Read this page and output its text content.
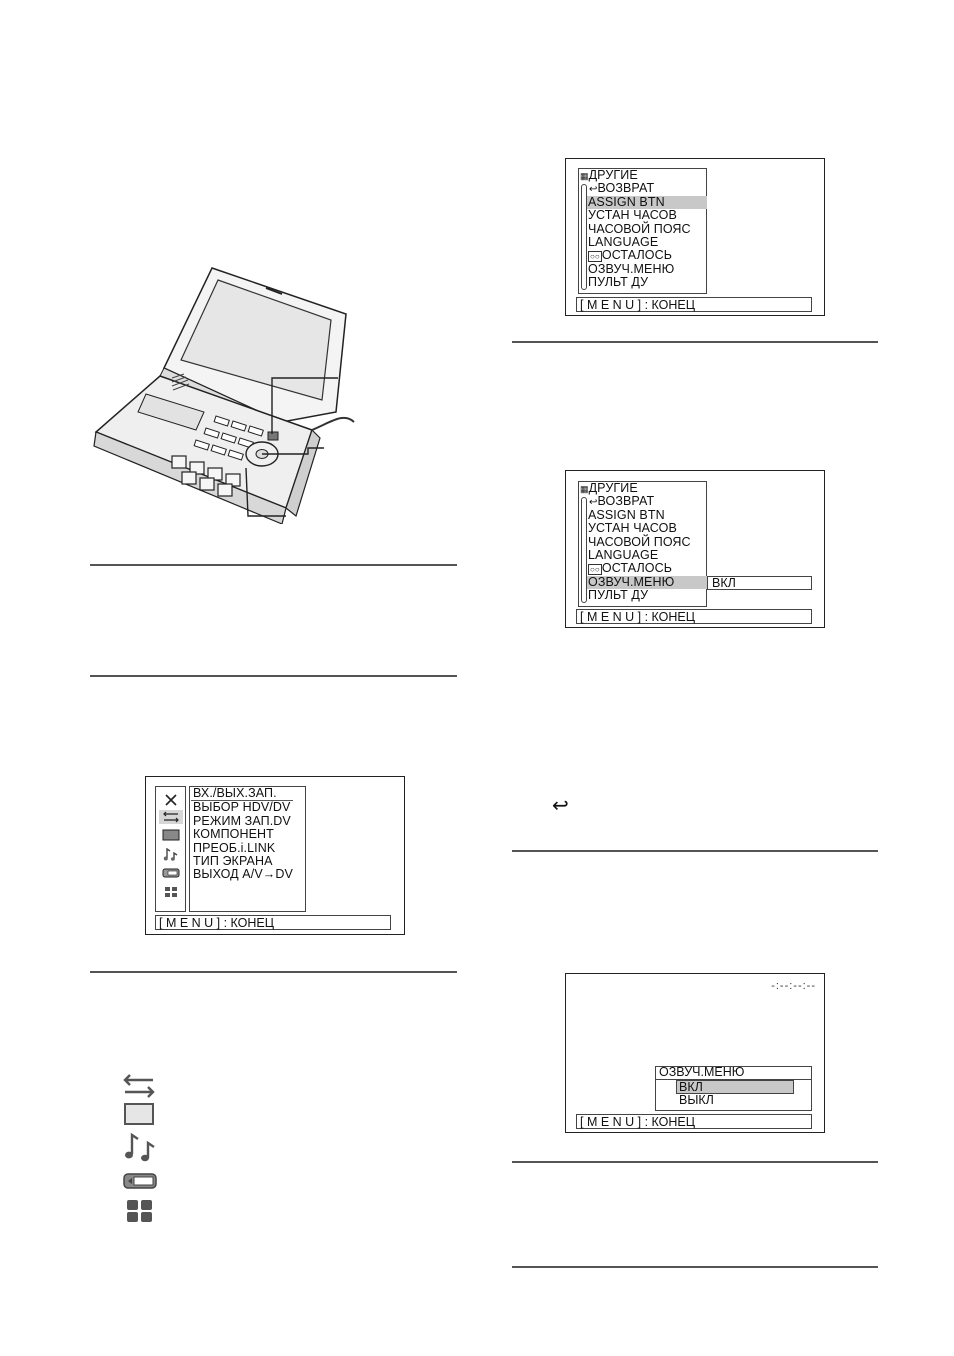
ВХ./ВЫХ.ЗАП.
ВЫБОР HDV/DV
РЕЖИМ ЗАП.DV
КОМПОНЕНТ
ПРЕОБ.i.LINK
ТИП ЭКРАНА
ВЫХОД A/V→DV
[ M E N U ] : КОНЕЦ
▦ДРУГИЕ
↩ВОЗВРАТ
ASSIGN BTN
УСТАН ЧАСОВ
ЧАСОВОЙ ПОЯС
LANGUAGE
○○ ОСТАЛОСЬ
ОЗВУЧ.МЕНЮ
ПУЛЬТ ДУ
[ M E N U ] : КОНЕЦ
ВКЛ
▦ДРУГИЕ
↩ВОЗВРАТ
ASSIGN BTN
УСТАН ЧАСОВ
ЧАСОВОЙ ПОЯС
LANGUAGE
○○ ОСТАЛОСЬ
ОЗВУЧ.МЕНЮ
ПУЛЬТ ДУ
[ M E N U ] : КОНЕЦ
↩
-:--:--:--
ОЗВУЧ.МЕНЮ
ВКЛ
ВЫКЛ
[ M E N U ] : КОНЕЦ
